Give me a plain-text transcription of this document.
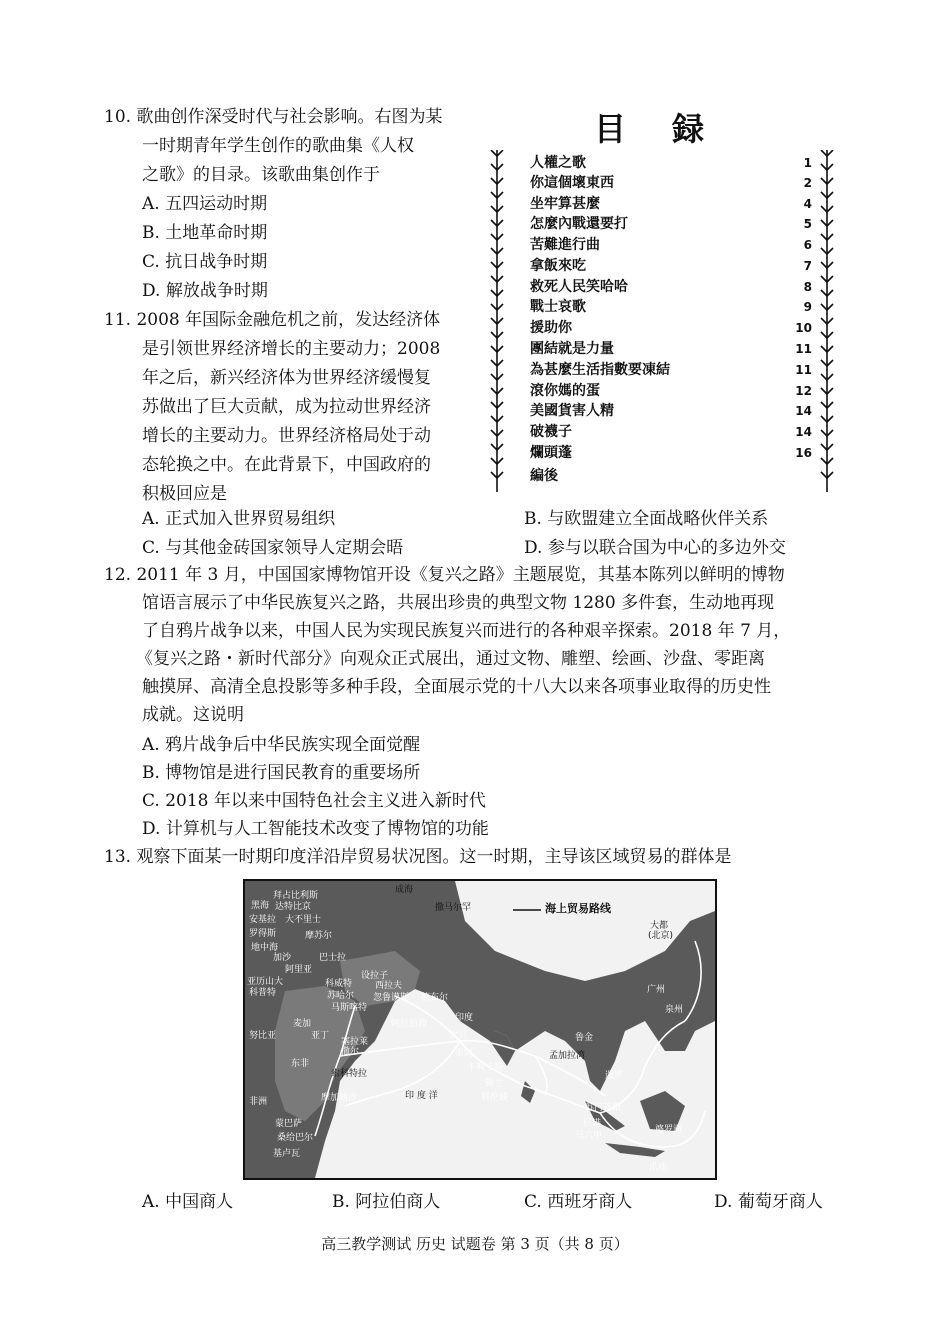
10. 歌曲创作深受时代与社会影响。右图为某
一时期青年学生创作的歌曲集《人权
之歌》的目录。该歌曲集创作于
A. 五四运动时期
B. 土地革命时期
C. 抗日战争时期
D. 解放战争时期
目録
人權之歌	1
你這個壞東西	2
坐牢算甚麼	4
怎麼內戰還要打	5
苦難進行曲	6
拿飯來吃	7
救死人民笑哈哈	8
戰士哀歌	9
援助你	10
團結就是力量	11
為甚麼生活指數要凍結	11
滾你媽的蛋	12
美國貨害人精	14
破襪子	14
爛頭蓬	16
編後
11. 2008 年国际金融危机之前，发达经济体
是引领世界经济增长的主要动力；2008
年之后，新兴经济体为世界经济缓慢复
苏做出了巨大贡献，成为拉动世界经济
增长的主要动力。世界经济格局处于动
态轮换之中。在此背景下，中国政府的
积极回应是
A. 正式加入世界贸易组织	B. 与欧盟建立全面战略伙伴关系
C. 与其他金砖国家领导人定期会晤	D. 参与以联合国为中心的多边外交
12. 2011 年 3 月，中国国家博物馆开设《复兴之路》主题展览，其基本陈列以鲜明的博物
馆语言展示了中华民族复兴之路，共展出珍贵的典型文物 1280 多件套，生动地再现
了自鸦片战争以来，中国人民为实现民族复兴而进行的各种艰辛探索。2018 年 7 月，
《复兴之路・新时代部分》向观众正式展出，通过文物、雕塑、绘画、沙盘、零距离
触摸屏、高清全息投影等多种手段，全面展示党的十八大以来各项事业取得的历史性
成就。这说明
A. 鸦片战争后中华民族实现全面觉醒
B. 博物馆是进行国民教育的重要场所
C. 2018 年以来中国特色社会主义进入新时代
D. 计算机与人工智能技术改变了博物馆的功能
13. 观察下面某一时期印度洋沿岸贸易状况图。这一时期，主导该区域贸易的群体是
海上贸易路线
成海
黑海
拜占比利斯
安基拉
达特比京
大不里士
撒马尔罕
罗得斯
地中海
摩苏尔
加沙
阿里亚
巴士拉
设拉子
亚历山大
科普特
西拉夫
科威特
忽鲁谟斯 德布尔
苏哈尔
马斯喀特
麦加
努比亚	亚丁
塞拉莱
阿拉伯海
印度
坎贝
撒尔	孟加拉湾
锡兰
果阿
卡利卡特
科伦坡
鲁金
大都
(北京)
广州
泉州
暹罗
苏门答腊
马六甲
婆罗洲
爪哇
非洲
东非
索科特拉
摩加迪沙
蒙巴萨
桑给巴尔
基卢瓦
印 度 洋
巨港
A. 中国商人	B. 阿拉伯商人	C. 西班牙商人	D. 葡萄牙商人
高三教学测试 历史 试题卷 第 3 页（共 8 页）
